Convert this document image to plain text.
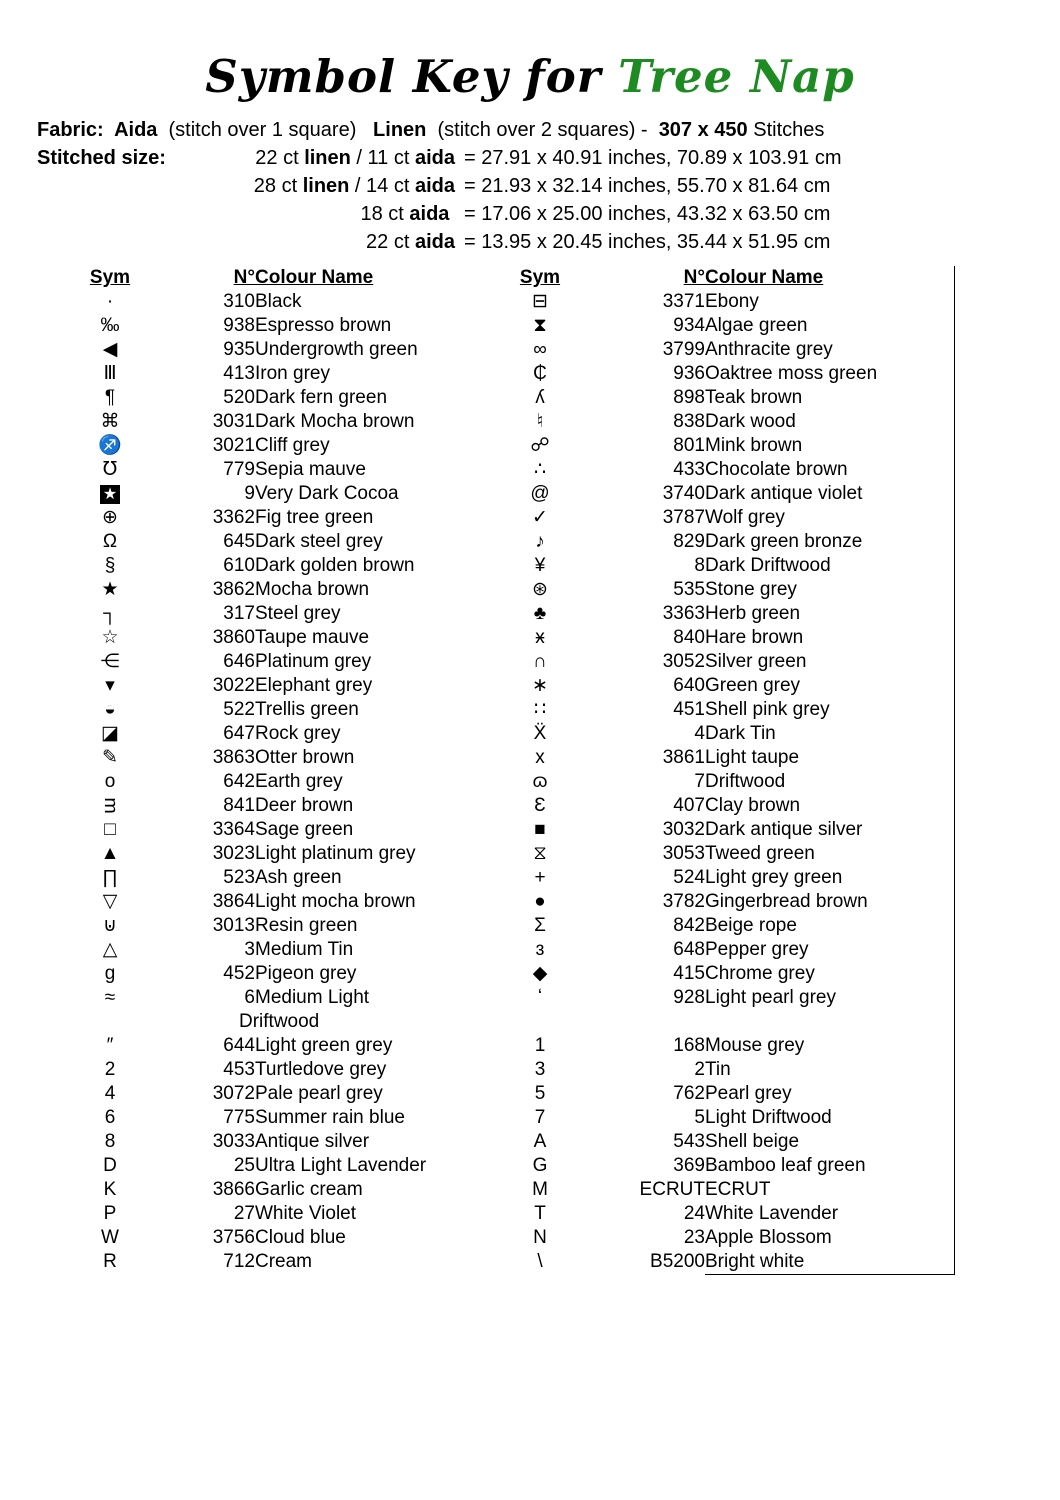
Symbol Key for Tree Nap
Fabric:  Aida  (stitch over 1 square)   Linen  (stitch over 2 squares) -  307 x 450 Stitches
Stitched size:	22 ct linen / 11 ct aida = 27.91 x 40.91 inches, 70.89 x 103.91 cm
28 ct linen / 14 ct aida = 21.93 x 32.14 inches, 55.70 x 81.64 cm
18 ct aida = 17.06 x 25.00 inches, 43.32 x 63.50 cm
22 ct aida = 13.95 x 20.45 inches, 35.44 x 51.95 cm
Sym	N°	Colour Name	Sym	N°	Colour Name
·	310	Black	⊟	3371	Ebony
‰	938	Espresso brown	⧗	934	Algae green
◀	935	Undergrowth green	∞	3799	Anthracite grey
Ⅲ	413	Iron grey	₵	936	Oaktree moss green
¶	520	Dark fern green	ʎ	898	Teak brown
⌘	3031	Dark Mocha brown	♮	838	Dark wood
♐	3021	Cliff grey	☍	801	Mink brown
℧	779	Sepia mauve	∴	433	Chocolate brown
★	9	Very Dark Cocoa	@	3740	Dark antique violet
⊕	3362	Fig tree green	✓	3787	Wolf grey
Ω	645	Dark steel grey	♪	829	Dark green bronze
§	610	Dark golden brown	¥	8	Dark Driftwood
★	3862	Mocha brown	⊛	535	Stone grey
┐	317	Steel grey	♣	3363	Herb green
☆	3860	Taupe mauve	ӿ	840	Hare brown
⋲	646	Platinum grey	∩	3052	Silver green
▾	3022	Elephant grey	∗	640	Green grey
◒	522	Trellis green	∷	451	Shell pink grey
◪	647	Rock grey	Ẍ	4	Dark Tin
✎	3863	Otter brown	x	3861	Light taupe
o	642	Earth grey	ɷ	7	Driftwood
ᴟ	841	Deer brown	Ɛ	407	Clay brown
□	3364	Sage green	■	3032	Dark antique silver
▲	3023	Light platinum grey	⧖	3053	Tweed green
∏	523	Ash green	+	524	Light grey green
▽	3864	Light mocha brown	●	3782	Gingerbread brown
⊍	3013	Resin green	Σ	842	Beige rope
△	3	Medium Tin	ɜ	648	Pepper grey
g	452	Pigeon grey	◆	415	Chrome grey
≈	6	Medium Light Driftwood	ʻ	928	Light pearl grey
″	644	Light green grey	1	168	Mouse grey
2	453	Turtledove grey	3	2	Tin
4	3072	Pale pearl grey	5	762	Pearl grey
6	775	Summer rain blue	7	5	Light Driftwood
8	3033	Antique silver	A	543	Shell beige
D	25	Ultra Light Lavender	G	369	Bamboo leaf green
K	3866	Garlic cream	M	ECRUT	ECRUT
P	27	White Violet	T	24	White Lavender
W	3756	Cloud blue	N	23	Apple Blossom
R	712	Cream	\	B5200	Bright white
